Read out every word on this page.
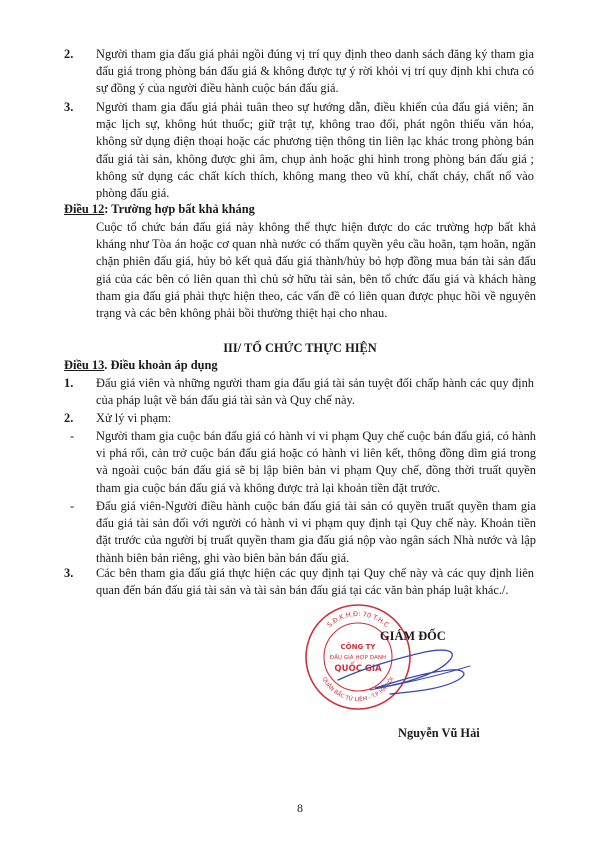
2. Người tham gia đấu giá phải ngồi đúng vị trí quy định theo danh sách đăng ký tham gia đấu giá trong phòng bán đấu giá & không được tự ý rời khỏi vị trí quy định khi chưa có sự đồng ý của người điều hành cuộc bán đấu giá.
3. Người tham gia đấu giá phải tuân theo sự hướng dẫn, điều khiển của đấu giá viên; ăn mặc lịch sự, không hút thuốc; giữ trật tự, không trao đổi, phát ngôn thiếu văn hóa, không sử dụng điện thoại hoặc các phương tiện thông tin liên lạc khác trong phòng bán đấu giá tài sản, không được ghi âm, chụp ảnh hoặc ghi hình trong phòng bán đấu giá ; không sử dụng các chất kích thích, không mang theo vũ khí, chất cháy, chất nổ vào phòng đấu giá.
Điều 12: Trường hợp bất khả kháng
Cuộc tổ chức bán đấu giá này không thể thực hiện được do các trường hợp bất khả kháng như Tòa án hoặc cơ quan nhà nước có thẩm quyền yêu cầu hoãn, tạm hoãn, ngăn chặn phiên đấu giá, hủy bỏ kết quả đấu giá thành/hủy bỏ hợp đồng mua bán tài sản đấu giá của các bên có liên quan thì chủ sở hữu tài sản, bên tổ chức đấu giá và khách hàng tham gia đấu giá phải thực hiện theo, các vấn đề có liên quan được phục hồi về nguyên trạng và các bên không phải bồi thường thiệt hại cho nhau.
III/ TỔ CHỨC THỰC HIỆN
Điều 13. Điều khoản áp dụng
1. Đấu giá viên và những người tham gia đấu giá tài sản tuyệt đối chấp hành các quy định của pháp luật về bán đấu giá tài sản và Quy chế này.
2. Xử lý vi phạm:
- Người tham gia cuộc bán đấu giá có hành vi vi phạm Quy chế cuộc bán đấu giá, có hành vi phá rối, cản trở cuộc bán đấu giá hoặc có hành vi liên kết, thông đồng dìm giá trong và ngoài cuộc bán đấu giá sẽ bị lập biên bản vi phạm Quy chế, đồng thời truất quyền tham gia cuộc bán đấu giá và không được trả lại khoản tiền đặt trước.
- Đấu giá viên-Người điều hành cuộc bán đấu giá tài sản có quyền truất quyền tham gia đấu giá tài sản đối với người có hành vi vi phạm quy định tại Quy chế này. Khoản tiền đặt trước của người bị truất quyền tham gia đấu giá nộp vào ngân sách Nhà nước và lập thành biên bản riêng, ghi vào biên bản bán đấu giá.
3. Các bên tham gia đấu giá thực hiện các quy định tại Quy chế này và các quy định liên quan đến bán đấu giá tài sản và tài sản bán đấu giá tại các văn bản pháp luật khác./.
S.Đ.K.H.Đ: 70 T.H.C
QUẬN BẮC TỪ LIÊM - T.P HÀ NỘI
CÔNG TY
ĐẤU GIÁ HỢP DANH
QUỐC GIA
GIÁM ĐỐC
Nguyễn Vũ Hải
8
